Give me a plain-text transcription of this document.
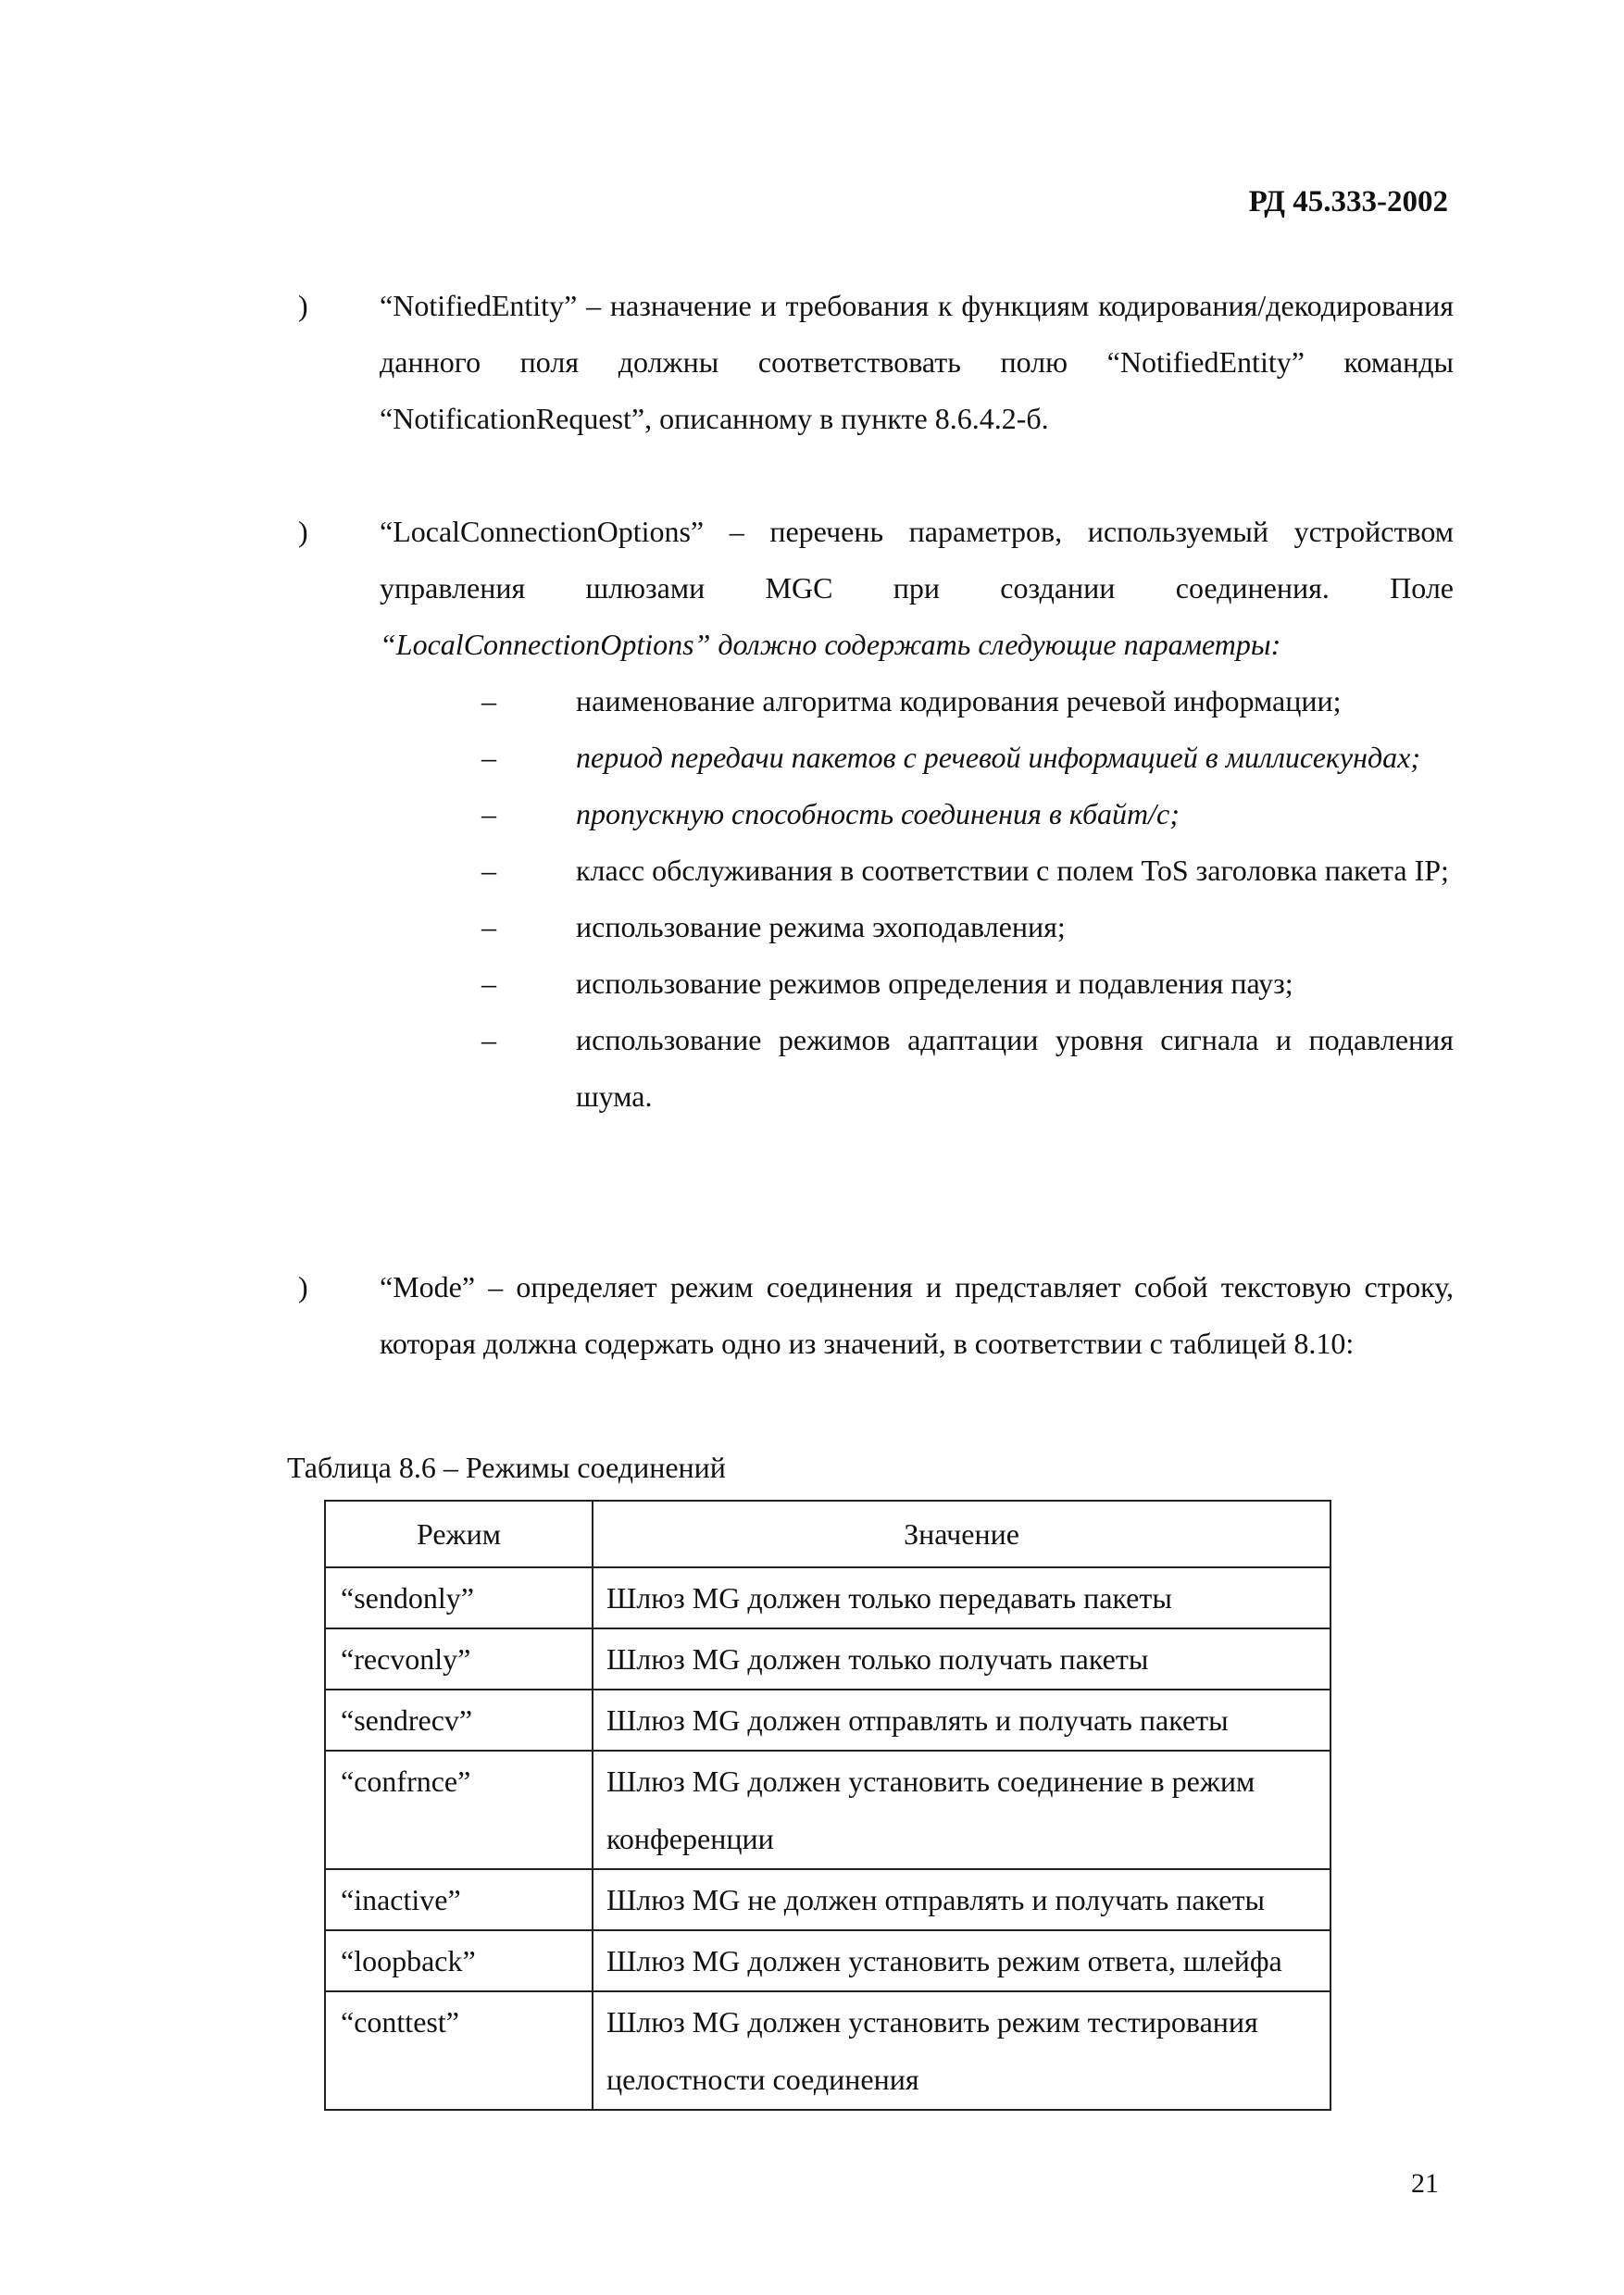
РД 45.333-2002
) “NotifiedEntity” – назначение и требования к функциям кодирования/декодирования данного поля должны соответствовать полю “NotifiedEntity” команды “NotificationRequest”, описанному в пункте 8.6.4.2-б.
) “LocalConnectionOptions” – перечень параметров, используемый устройством управления шлюзами MGC при создании соединения. Поле “LocalConnectionOptions” должно содержать следующие параметры:
–	наименование алгоритма кодирования речевой информации;
–	период передачи пакетов с речевой информацией в миллисекундах;
–	пропускную способность соединения в кбайт/с;
–	класс обслуживания в соответствии с полем ToS заголовка пакета IP;
–	использование режима эхоподавления;
–	использование режимов определения и подавления пауз;
–	использование режимов адаптации уровня сигнала и подавления шума.
) “Mode” – определяет режим соединения и представляет собой текстовую строку, которая должна содержать одно из значений, в соответствии с таблицей 8.10:
Таблица 8.6 – Режимы соединений
Режим	Значение
“sendonly”	Шлюз MG должен только передавать пакеты
“recvonly”	Шлюз MG должен только получать пакеты
“sendrecv”	Шлюз MG должен отправлять и получать пакеты
“confrnce”	Шлюз MG должен установить соединение в режим конференции
“inactive”	Шлюз MG не должен отправлять и получать пакеты
“loopback”	Шлюз MG должен установить режим ответа, шлейфа
“conttest”	Шлюз MG должен установить режим тестирования целостности соединения
21
